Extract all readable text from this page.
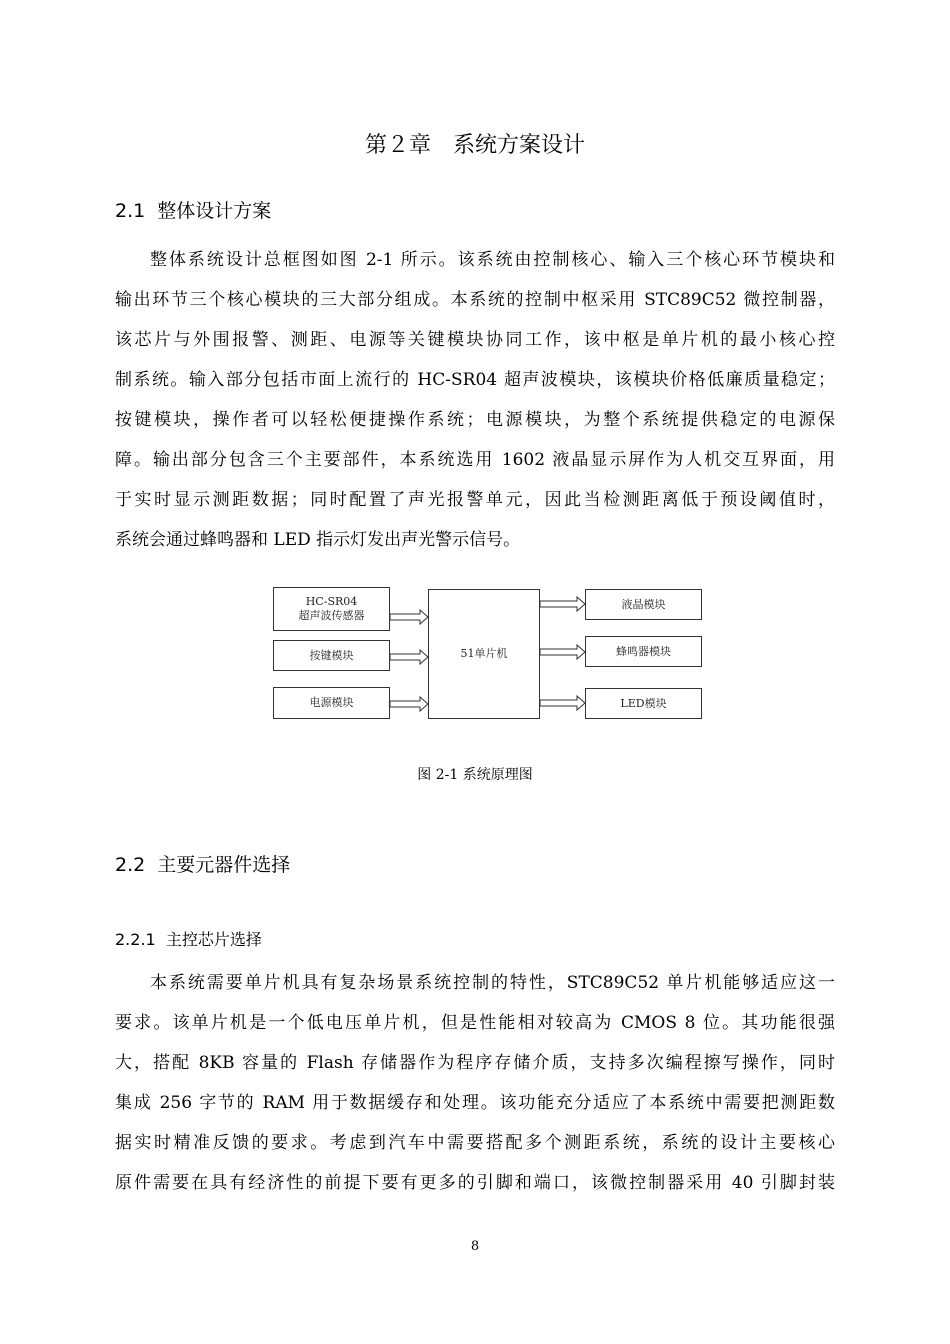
第２章　系统方案设计
2.1  整体设计方案
整体系统设计总框图如图 2-1 所示。该系统由控制核心、输入三个核心环节模块和
输出环节三个核心模块的三大部分组成。本系统的控制中枢采用 STC89C52 微控制器，
该芯片与外围报警、测距、电源等关键模块协同工作，该中枢是单片机的最小核心控
制系统。输入部分包括市面上流行的 HC-SR04 超声波模块，该模块价格低廉质量稳定；
按键模块，操作者可以轻松便捷操作系统；电源模块，为整个系统提供稳定的电源保
障。输出部分包含三个主要部件，本系统选用 1602 液晶显示屏作为人机交互界面，用
于实时显示测距数据；同时配置了声光报警单元，因此当检测距离低于预设阈值时，
系统会通过蜂鸣器和 LED 指示灯发出声光警示信号。
HC-SR04
超声波传感器
按键模块
电源模块
51单片机
液晶模块
蜂鸣器模块
LED模块
图 2-1 系统原理图
2.2  主要元器件选择
2.2.1  主控芯片选择
本系统需要单片机具有复杂场景系统控制的特性，STC89C52 单片机能够适应这一
要求。该单片机是一个低电压单片机，但是性能相对较高为 CMOS 8 位。其功能很强
大，搭配 8KB 容量的 Flash 存储器作为程序存储介质，支持多次编程擦写操作，同时
集成 256 字节的 RAM 用于数据缓存和处理。该功能充分适应了本系统中需要把测距数
据实时精准反馈的要求。考虑到汽车中需要搭配多个测距系统，系统的设计主要核心
原件需要在具有经济性的前提下要有更多的引脚和端口，该微控制器采用 40 引脚封装
8
